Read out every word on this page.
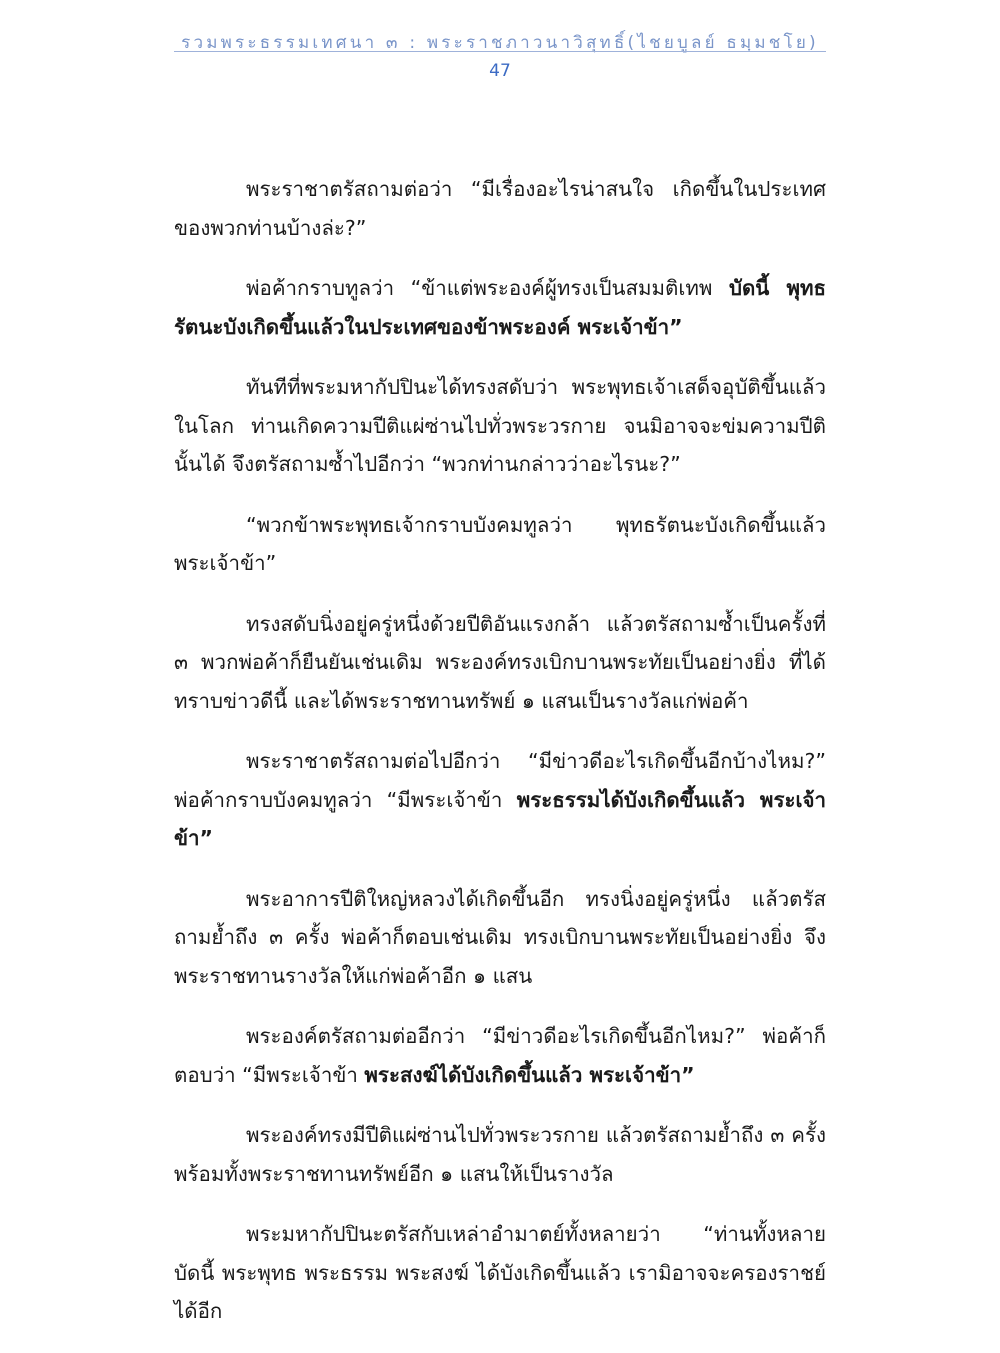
รวมพระธรรมเทศนา ๓ : พระราชภาวนาวิสุทธิ์(ไชยบูลย์ ธมฺมชโย)
47

พระราชาตรัสถามต่อว่า “มีเรื่องอะไรน่าสนใจ เกิดขึ้นในประเทศของพวกท่านบ้างล่ะ?”

พ่อค้ากราบทูลว่า “ข้าแต่พระองค์ผู้ทรงเป็นสมมติเทพ บัดนี้ พุทธรัตนะบังเกิดขึ้นแล้วในประเทศของข้าพระองค์ พระเจ้าข้า”

ทันทีที่พระมหากัปปินะได้ทรงสดับว่า พระพุทธเจ้าเสด็จอุบัติขึ้นแล้วในโลก ท่านเกิดความปีติแผ่ซ่านไปทั่วพระวรกาย จนมิอาจจะข่มความปีตินั้นได้ จึงตรัสถามซ้ำไปอีกว่า “พวกท่านกล่าวว่าอะไรนะ?”

“พวกข้าพระพุทธเจ้ากราบบังคมทูลว่า พุทธรัตนะบังเกิดขึ้นแล้วพระเจ้าข้า”

ทรงสดับนิ่งอยู่ครู่หนึ่งด้วยปีติอันแรงกล้า แล้วตรัสถามซ้ำเป็นครั้งที่ ๓ พวกพ่อค้าก็ยืนยันเช่นเดิม พระองค์ทรงเบิกบานพระทัยเป็นอย่างยิ่ง ที่ได้ทราบข่าวดีนี้ และได้พระราชทานทรัพย์ ๑ แสนเป็นรางวัลแก่พ่อค้า

พระราชาตรัสถามต่อไปอีกว่า “มีข่าวดีอะไรเกิดขึ้นอีกบ้างไหม?” พ่อค้ากราบบังคมทูลว่า “มีพระเจ้าข้า พระธรรมได้บังเกิดขึ้นแล้ว พระเจ้าข้า”

พระอาการปีติใหญ่หลวงได้เกิดขึ้นอีก ทรงนิ่งอยู่ครู่หนึ่ง แล้วตรัสถามย้ำถึง ๓ ครั้ง พ่อค้าก็ตอบเช่นเดิม ทรงเบิกบานพระทัยเป็นอย่างยิ่ง จึงพระราชทานรางวัลให้แก่พ่อค้าอีก ๑ แสน

พระองค์ตรัสถามต่ออีกว่า “มีข่าวดีอะไรเกิดขึ้นอีกไหม?” พ่อค้าก็ตอบว่า “มีพระเจ้าข้า พระสงฆ์ได้บังเกิดขึ้นแล้ว พระเจ้าข้า”

พระองค์ทรงมีปีติแผ่ซ่านไปทั่วพระวรกาย แล้วตรัสถามย้ำถึง ๓ ครั้ง พร้อมทั้งพระราชทานทรัพย์อีก ๑ แสนให้เป็นรางวัล

พระมหากัปปินะตรัสกับเหล่าอำมาตย์ทั้งหลายว่า “ท่านทั้งหลาย บัดนี้ พระพุทธ พระธรรม พระสงฆ์ ได้บังเกิดขึ้นแล้ว เรามิอาจจะครองราชย์ได้อีก
